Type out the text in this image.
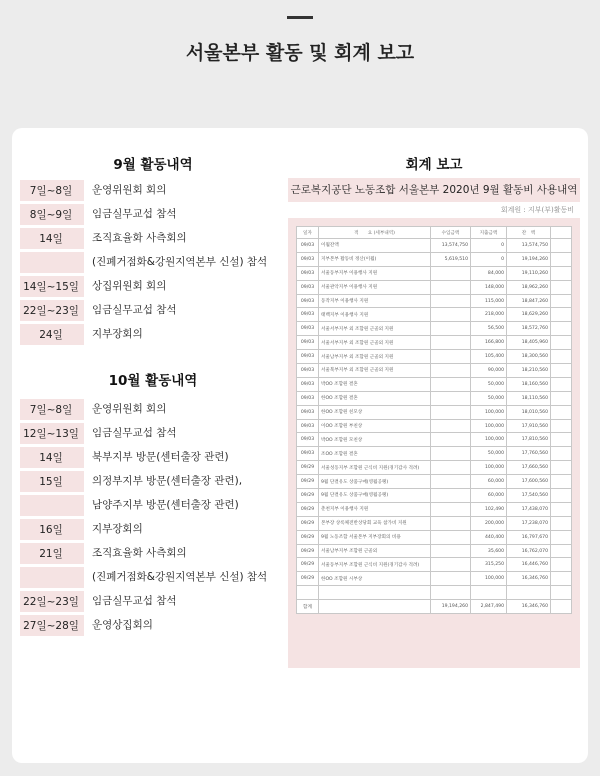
서울본부 활동 및 회계 보고
9월 활동내역
7일~8일	운영위원회 회의
8일~9일	임금실무교섭 참석
14일	조직효율화 사측회의
(진폐거점화&강원지역본부 신설) 참석
14일~15일	상집위원회 회의
22일~23일	임금실무교섭 참석
24일	지부장회의
10월 활동내역
7일~8일	운영위원회 회의
12일~13일	임금실무교섭 참석
14일	북부지부 방문(센터출장 관련)
15일	의정부지부 방문(센터출장 관련),
남양주지부 방문(센터출장 관련)
16일	지부장회의
21일	조직효율화 사측회의
(진폐거점화&강원지역본부 신설) 참석
22일~23일	임금실무교섭 참석
27일~28일	운영상집회의
회계 보고
근로복지공단 노동조합 서울본부 2020년 9월 활동비 사용내역
회계원 : 지부(부)활동비
일자	적　　요 (세부내역)	수입금액	지출금액	잔　액	
09/03	이월잔액	13,574,750	0	13,574,750	
09/03	지부본부 활동비 정산(이월)	5,619,510	0	19,194,260	
09/03	서울동부지부 이용행사 지원		84,000	19,110,260	
09/03	서울관악지부 이용행사 지원		148,000	18,962,260	
09/03	동작지부 이용행사 지원		115,000	18,847,260	
09/03	태백지부 이용행사 지원		218,000	18,629,260	
09/03	서울서부지부 외 조합원 근골외 지원		56,500	18,572,760	
09/03	서울서부지부 외 조합원 근골외 지원		166,800	18,405,960	
09/03	서울남부지부 외 조합원 근골외 지원		105,400	18,300,560	
09/03	서울북부지부 외 조합원 근골외 지원		90,000	18,210,560	
09/03	박OO 조합원 결혼		50,000	18,160,560	
09/03	한OO 조합원 결혼		50,000	18,110,560	
09/03	한OO 조합원 친모상		100,000	18,010,560	
09/03	이OO 조합원 부친상		100,000	17,910,560	
09/03	박OO 조합원 모친상		100,000	17,810,560	
09/03	조OO 조합원 결혼		50,000	17,760,560	
09/29	서울성동지부 조합원 근식비 지원(경기감사 격려)		100,000	17,660,560	
09/29	9월 단결유도 상품구매(영월공랭)		60,000	17,600,560	
09/29	9월 단결유도 상품구매(영월공랭)		60,000	17,540,560	
09/29	춘천지부 이용행사 지원		102,490	17,438,070	
09/29	본부장 상록체전반상당회 교육 참가비 지원		200,000	17,238,070	
09/29	9월 노동조합 서울본부 지부장회의 비용		440,400	16,797,670	
09/29	서울남부지부 조합원 근골외		35,600	16,762,070	
09/29	서울동부지부 조합원 근식비 지원(경기감사 격려)		315,250	16,446,760	
09/29	한OO 조합원 시부상		100,000	16,346,760	

합계		19,194,260	2,847,490	16,346,760	
